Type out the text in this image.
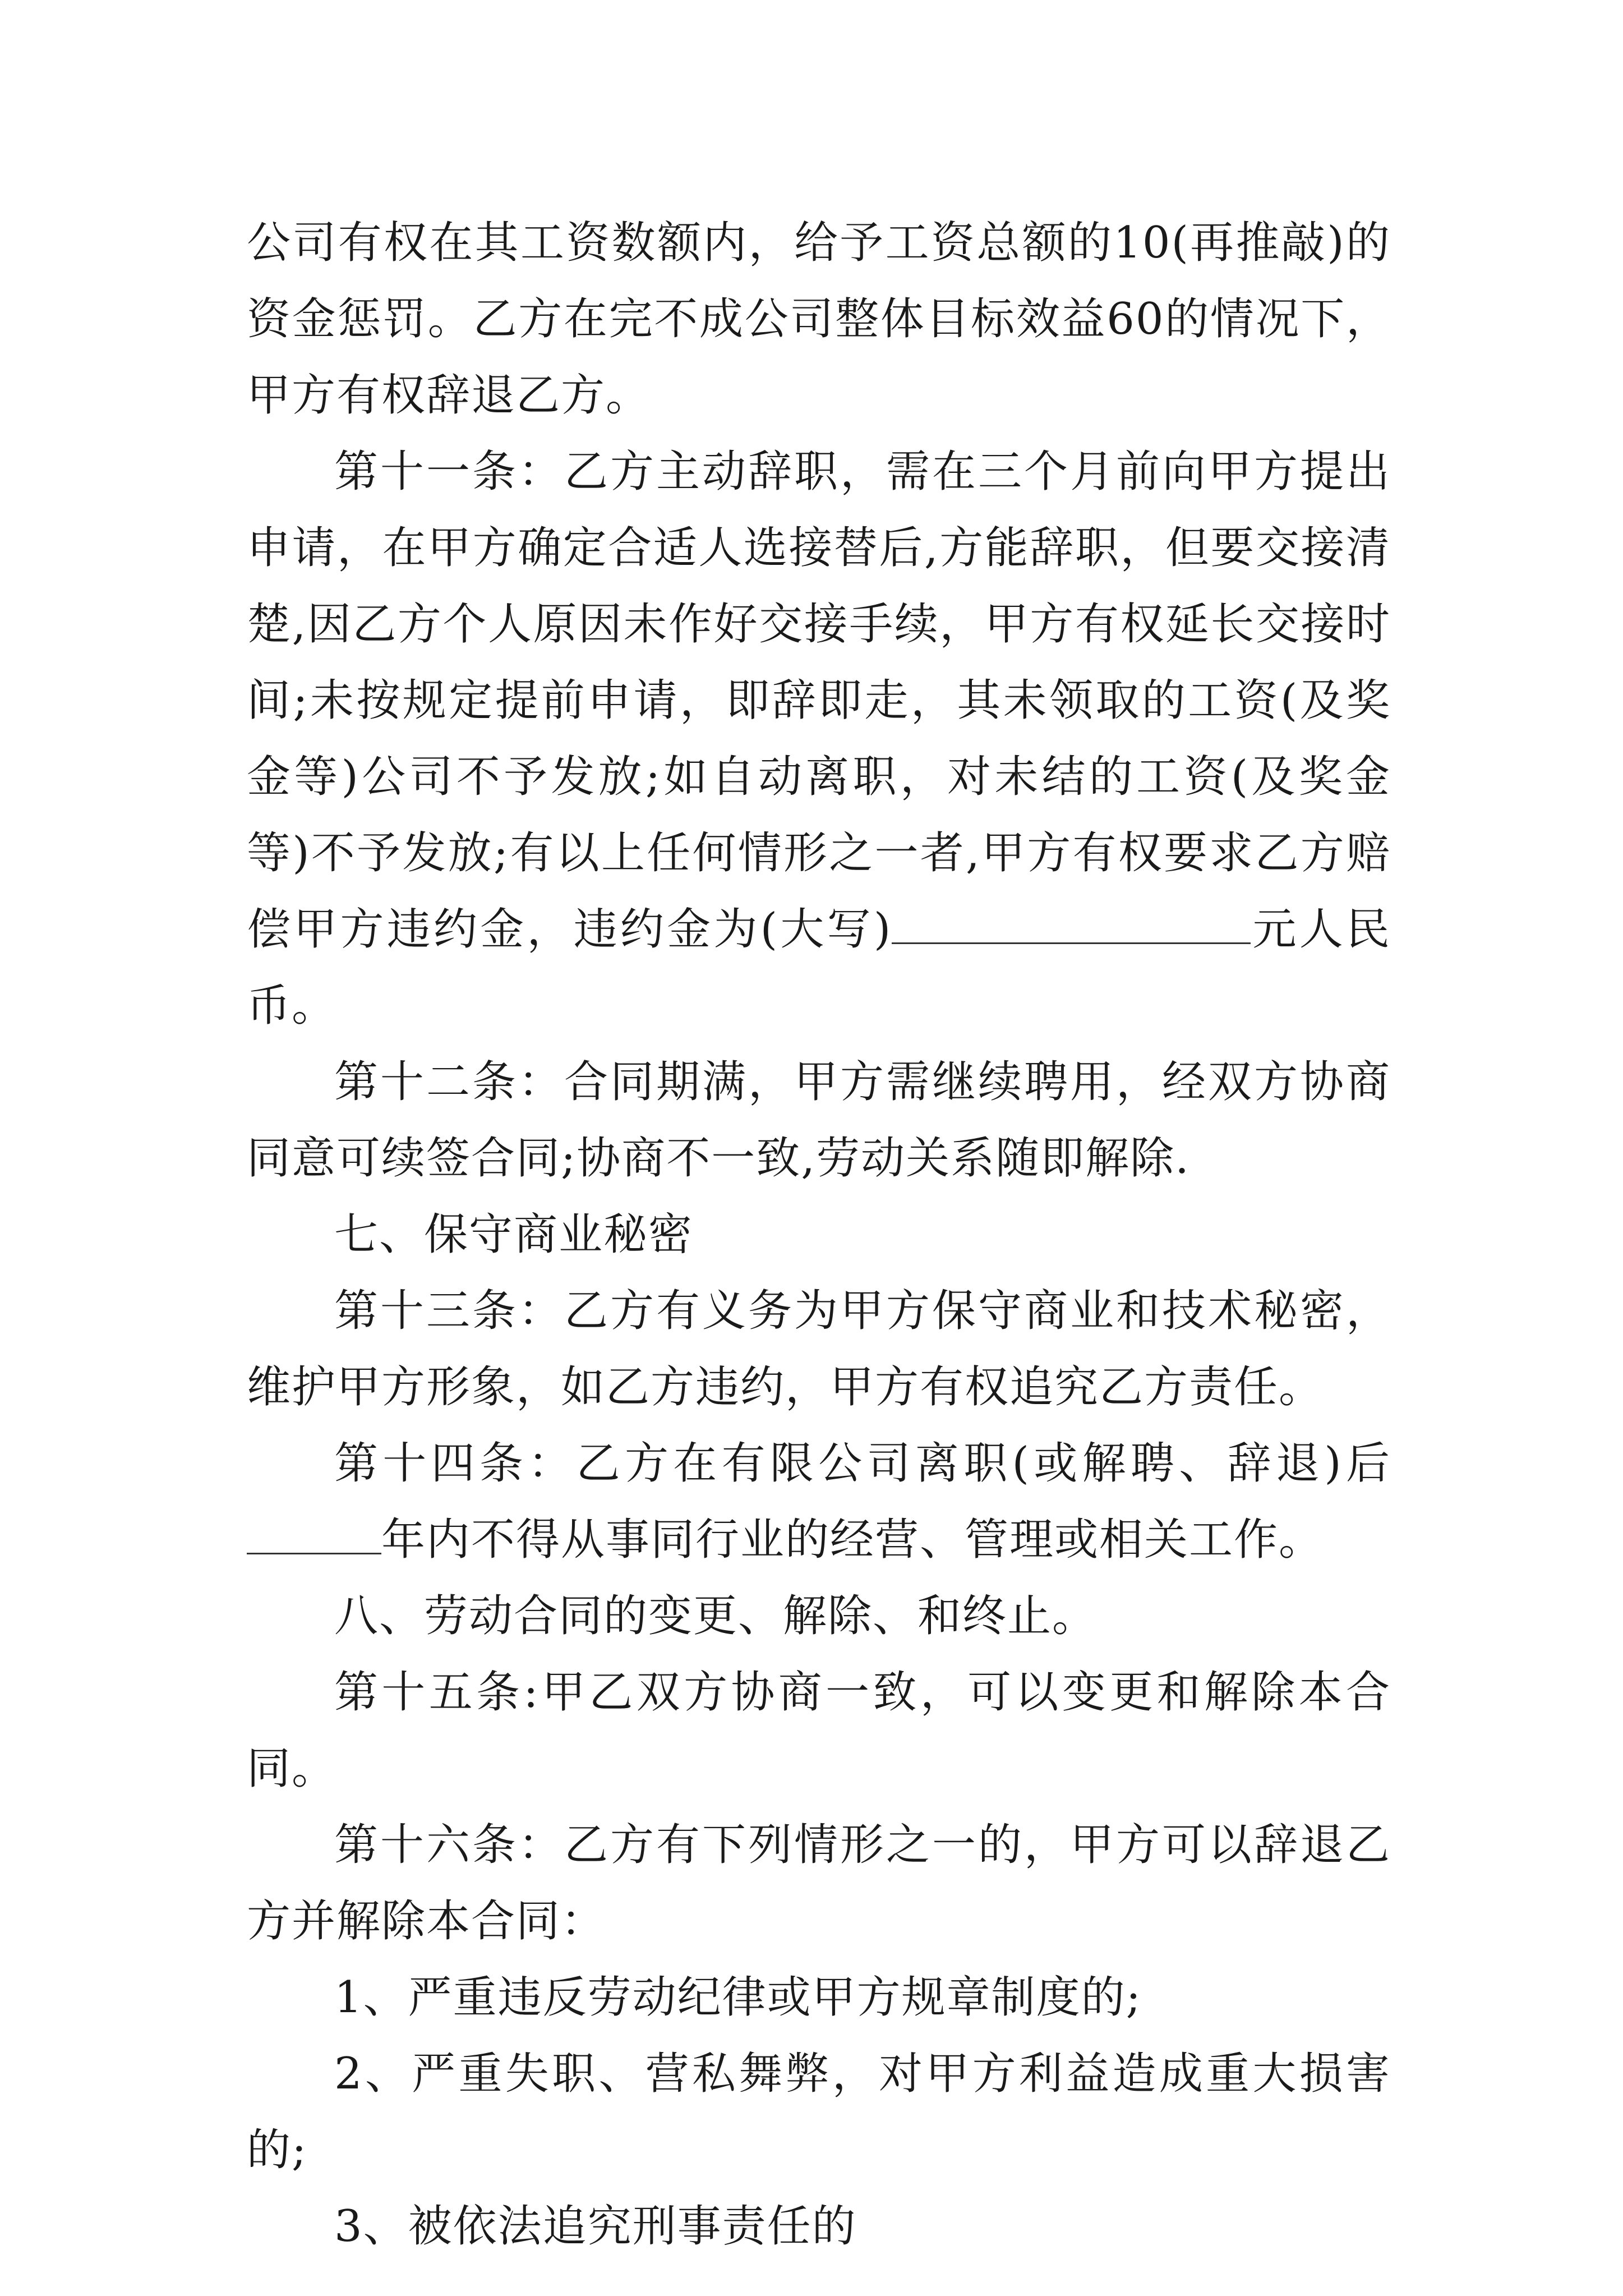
公司有权在其工资数额内，给予工资总额的10(再推敲)的资金惩罚。乙方在完不成公司整体目标效益60的情况下，甲方有权辞退乙方。

第十一条：乙方主动辞职，需在三个月前向甲方提出申请，在甲方确定合适人选接替后,方能辞职，但要交接清楚,因乙方个人原因未作好交接手续，甲方有权延长交接时间;未按规定提前申请，即辞即走，其未领取的工资(及奖金等)公司不予发放;如自动离职，对未结的工资(及奖金等)不予发放;有以上任何情形之一者,甲方有权要求乙方赔偿甲方违约金，违约金为(大写)	元人民币。

第十二条：合同期满，甲方需继续聘用，经双方协商同意可续签合同;协商不一致,劳动关系随即解除.

七、保守商业秘密

第十三条：乙方有义务为甲方保守商业和技术秘密，维护甲方形象，如乙方违约，甲方有权追究乙方责任。

第十四条：乙方在有限公司离职(或解聘、辞退)后年内不得从事同行业的经营、管理或相关工作。

八、劳动合同的变更、解除、和终止。

第十五条:甲乙双方协商一致，可以变更和解除本合同。

第十六条：乙方有下列情形之一的，甲方可以辞退乙方并解除本合同：

1、严重违反劳动纪律或甲方规章制度的;

2、严重失职、营私舞弊，对甲方利益造成重大损害的;

3、被依法追究刑事责任的
